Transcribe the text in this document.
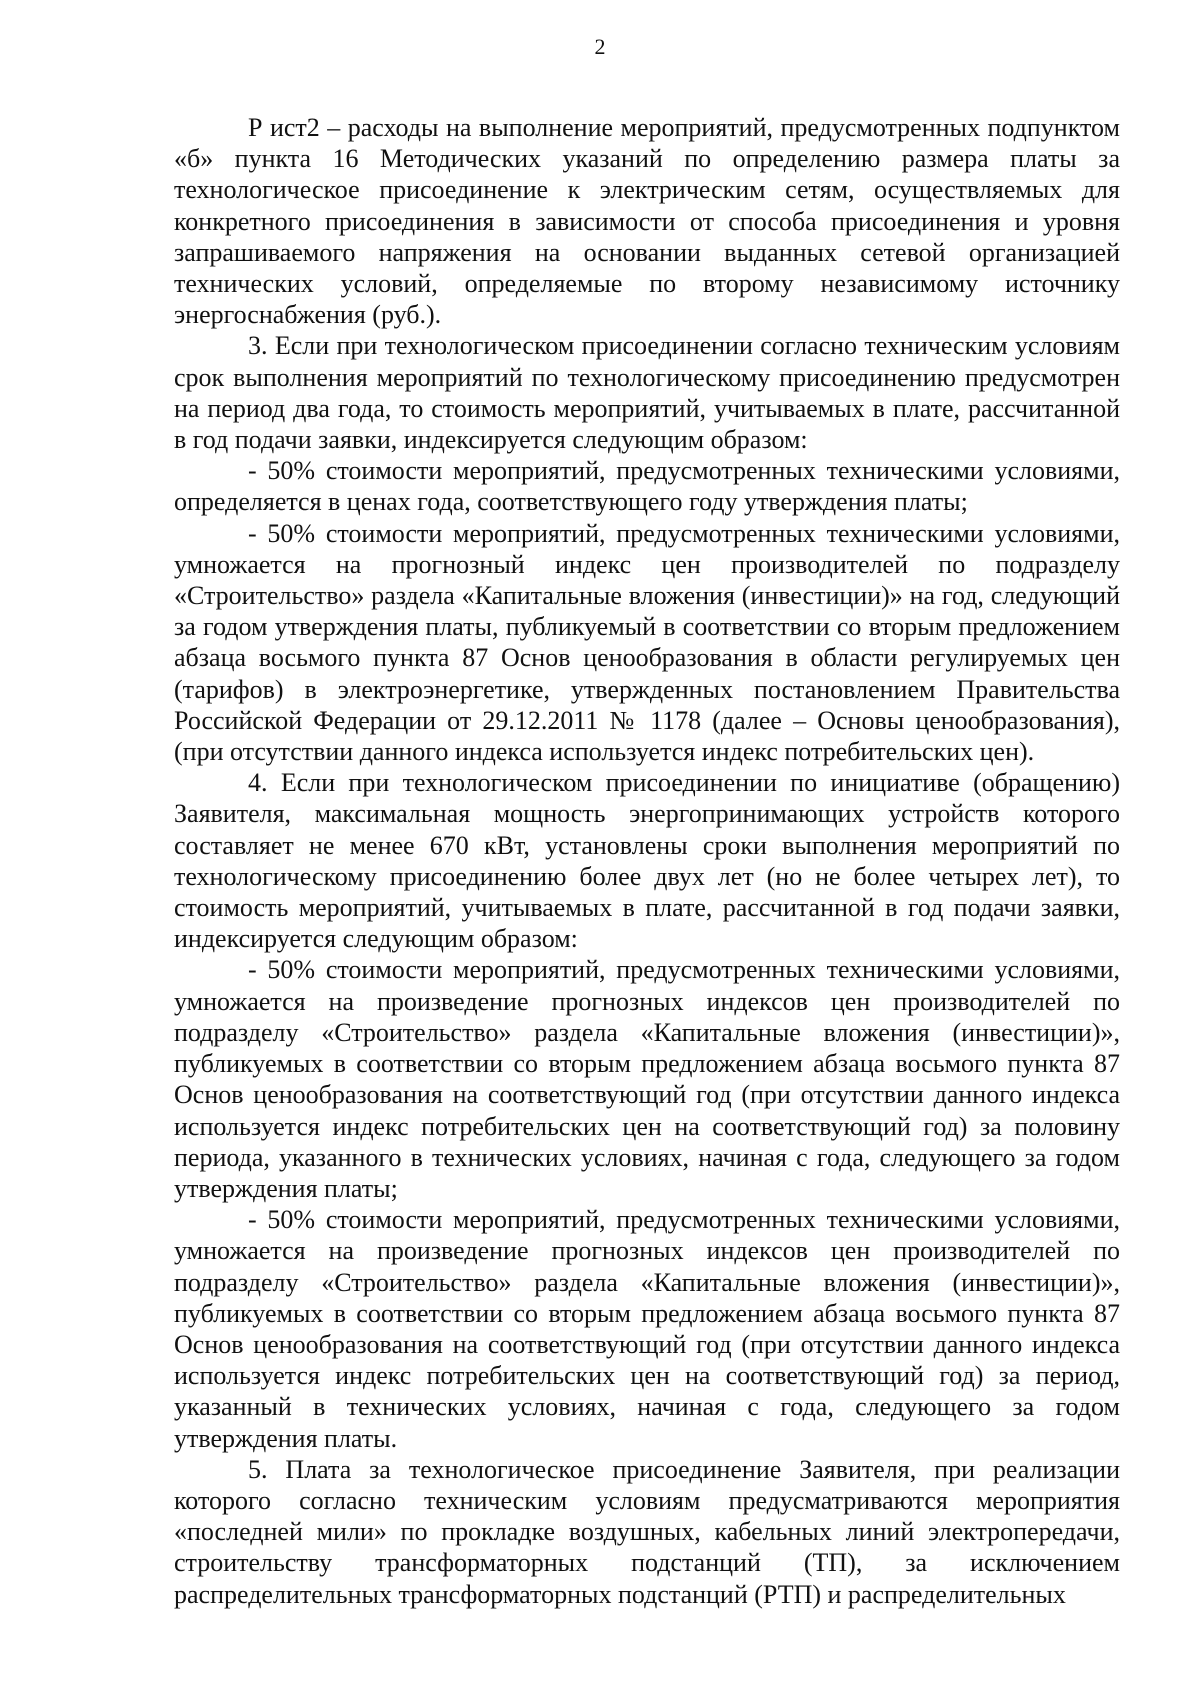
2

Р ист2 – расходы на выполнение мероприятий, предусмотренных подпунктом «б» пункта 16 Методических указаний по определению размера платы за технологическое присоединение к электрическим сетям, осуществляемых для конкретного присоединения в зависимости от способа присоединения и уровня запрашиваемого напряжения на основании выданных сетевой организацией технических условий, определяемые по второму независимому источнику энергоснабжения (руб.).

3. Если при технологическом присоединении согласно техническим условиям срок выполнения мероприятий по технологическому присоединению предусмотрен на период два года, то стоимость мероприятий, учитываемых в плате, рассчитанной в год подачи заявки, индексируется следующим образом:

- 50% стоимости мероприятий, предусмотренных техническими условиями, определяется в ценах года, соответствующего году утверждения платы;

- 50% стоимости мероприятий, предусмотренных техническими условиями, умножается на прогнозный индекс цен производителей по подразделу «Строительство» раздела «Капитальные вложения (инвестиции)» на год, следующий за годом утверждения платы, публикуемый в соответствии со вторым предложением абзаца восьмого пункта 87 Основ ценообразования в области регулируемых цен (тарифов) в электроэнергетике, утвержденных постановлением Правительства Российской Федерации от 29.12.2011 № 1178 (далее – Основы ценообразования), (при отсутствии данного индекса используется индекс потребительских цен).

4. Если при технологическом присоединении по инициативе (обращению) Заявителя, максимальная мощность энергопринимающих устройств которого составляет не менее 670 кВт, установлены сроки выполнения мероприятий по технологическому присоединению более двух лет (но не более четырех лет), то стоимость мероприятий, учитываемых в плате, рассчитанной в год подачи заявки, индексируется следующим образом:

- 50% стоимости мероприятий, предусмотренных техническими условиями, умножается на произведение прогнозных индексов цен производителей по подразделу «Строительство» раздела «Капитальные вложения (инвестиции)», публикуемых в соответствии со вторым предложением абзаца восьмого пункта 87 Основ ценообразования на соответствующий год (при отсутствии данного индекса используется индекс потребительских цен на соответствующий год) за половину периода, указанного в технических условиях, начиная с года, следующего за годом утверждения платы;

- 50% стоимости мероприятий, предусмотренных техническими условиями, умножается на произведение прогнозных индексов цен производителей по подразделу «Строительство» раздела «Капитальные вложения (инвестиции)», публикуемых в соответствии со вторым предложением абзаца восьмого пункта 87 Основ ценообразования на соответствующий год (при отсутствии данного индекса используется индекс потребительских цен на соответствующий год) за период, указанный в технических условиях, начиная с года, следующего за годом утверждения платы.

5. Плата за технологическое присоединение Заявителя, при реализации которого согласно техническим условиям предусматриваются мероприятия «последней мили» по прокладке воздушных, кабельных линий электропередачи, строительству трансформаторных подстанций (ТП), за исключением распределительных трансформаторных подстанций (РТП) и распределительных
